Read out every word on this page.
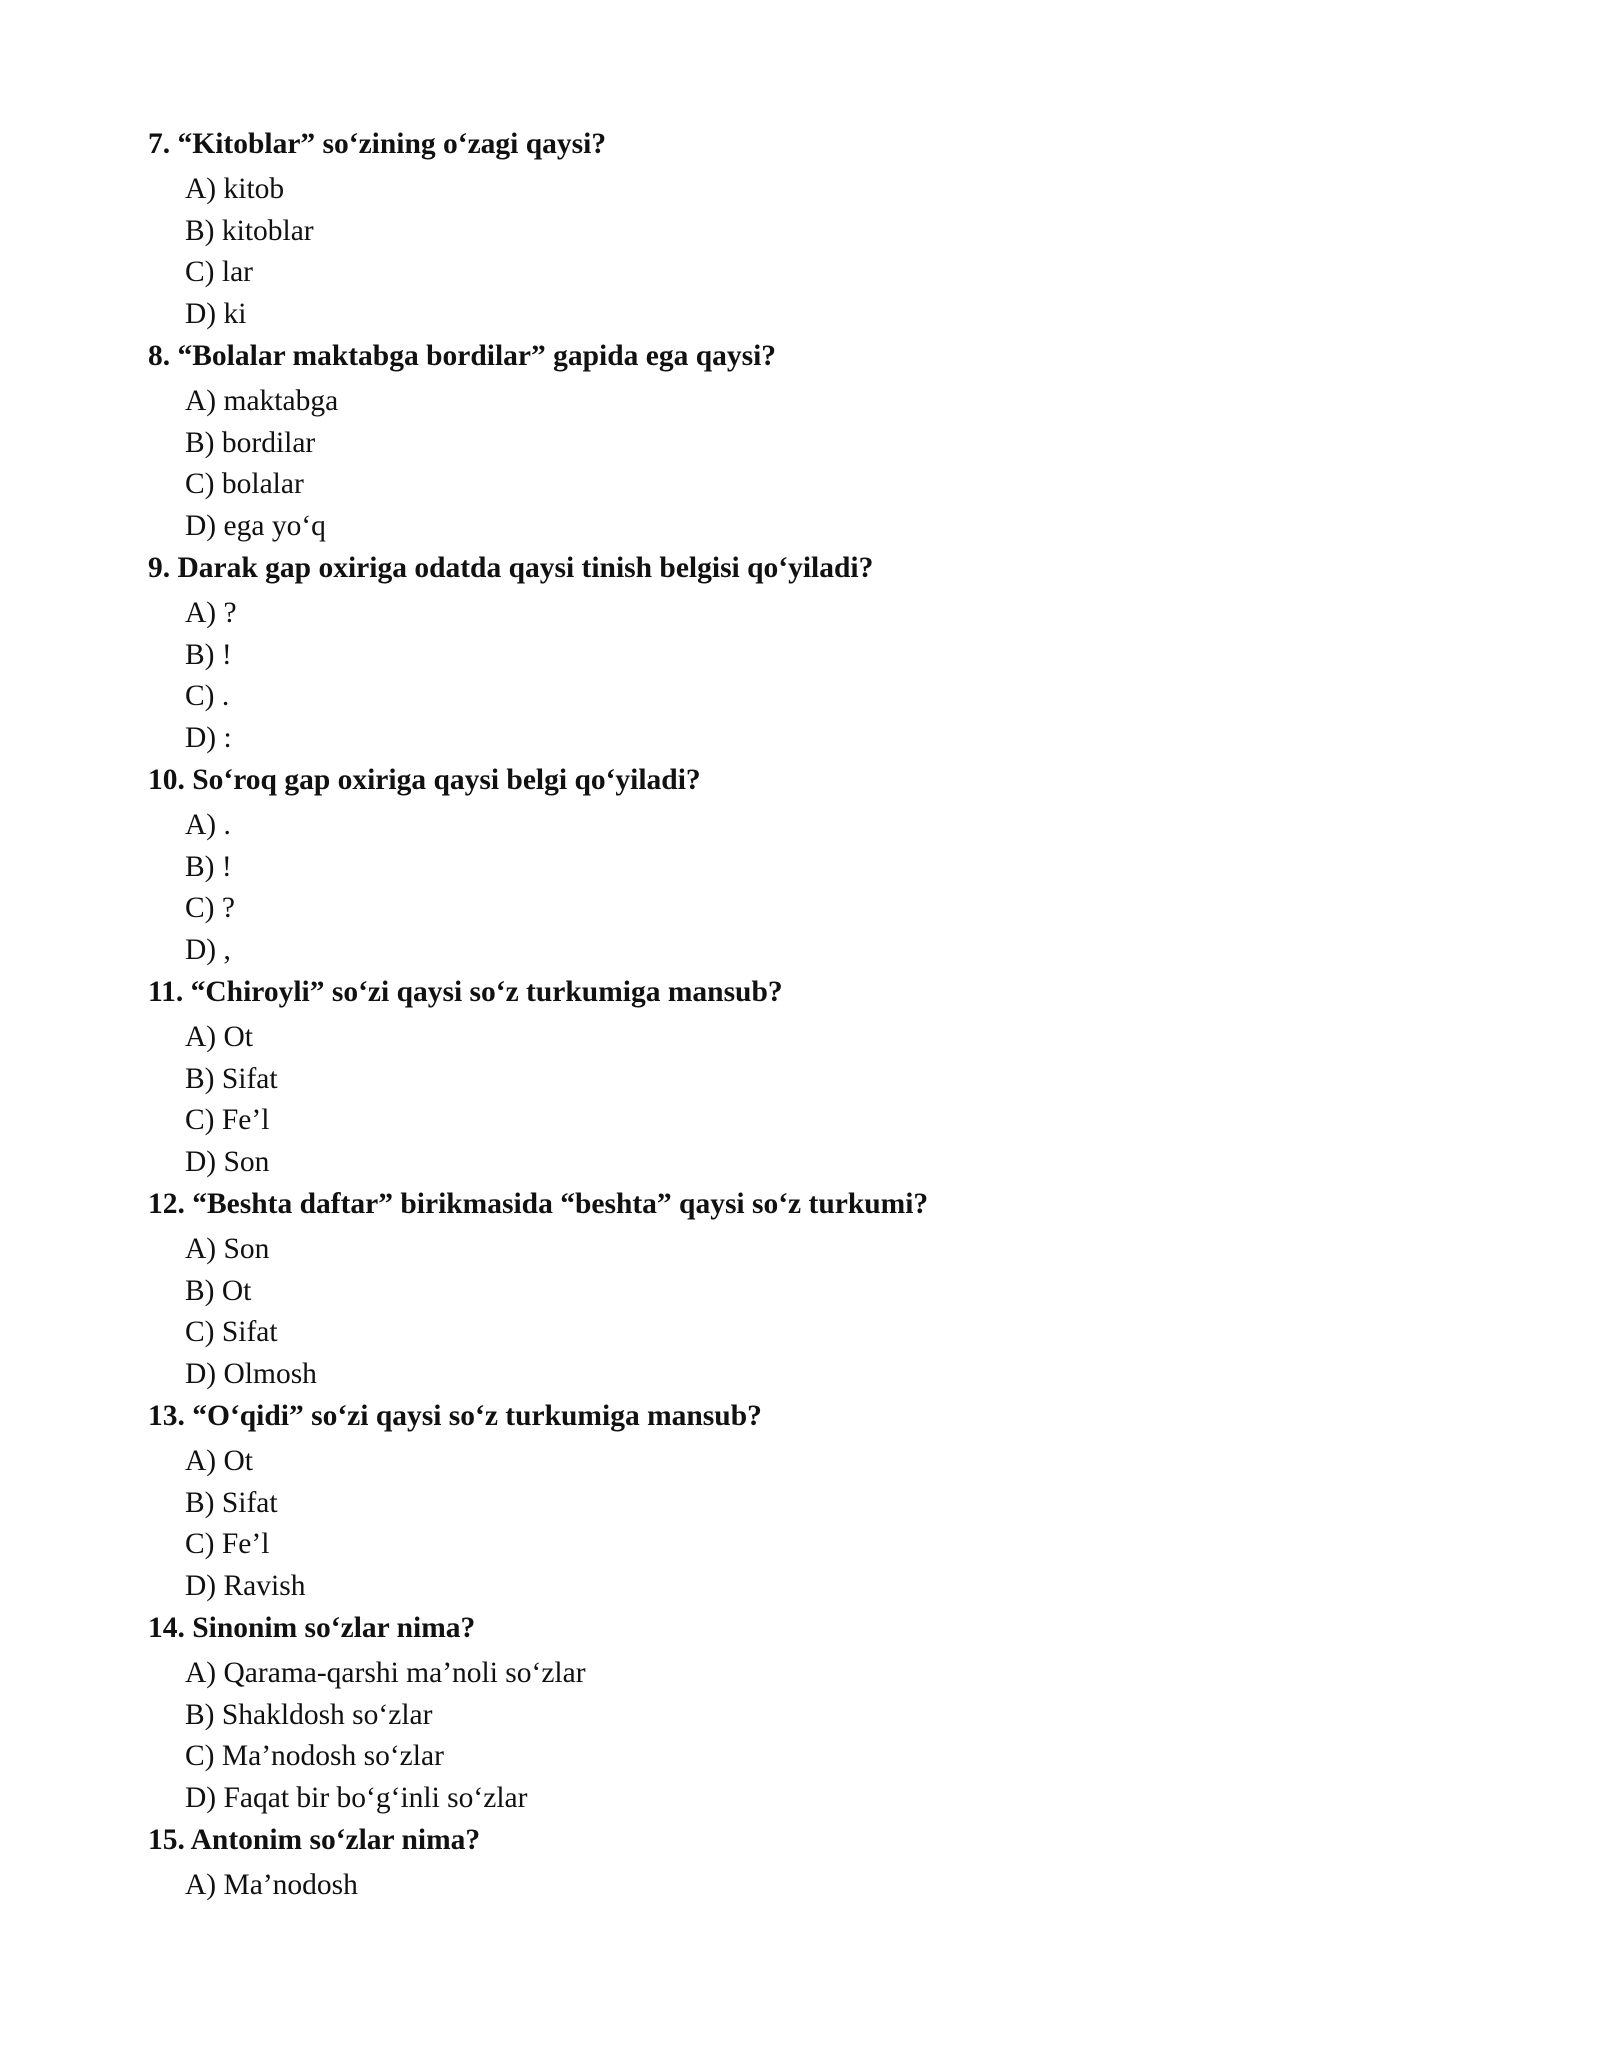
7. “Kitoblar” so‘zining o‘zagi qaysi?

A) kitob
B) kitoblar
C) lar
D) ki

8. “Bolalar maktabga bordilar” gapida ega qaysi?

A) maktabga
B) bordilar
C) bolalar
D) ega yo‘q

9. Darak gap oxiriga odatda qaysi tinish belgisi qo‘yiladi?

A) ?
B) !
C) .
D) :

10. So‘roq gap oxiriga qaysi belgi qo‘yiladi?

A) .
B) !
C) ?
D) ,

11. “Chiroyli” so‘zi qaysi so‘z turkumiga mansub?

A) Ot
B) Sifat
C) Fe’l
D) Son

12. “Beshta daftar” birikmasida “beshta” qaysi so‘z turkumi?

A) Son
B) Ot
C) Sifat
D) Olmosh

13. “O‘qidi” so‘zi qaysi so‘z turkumiga mansub?

A) Ot
B) Sifat
C) Fe’l
D) Ravish

14. Sinonim so‘zlar nima?

A) Qarama-qarshi ma’noli so‘zlar
B) Shakldosh so‘zlar
C) Ma’nodosh so‘zlar
D) Faqat bir bo‘g‘inli so‘zlar

15. Antonim so‘zlar nima?

A) Ma’nodosh
